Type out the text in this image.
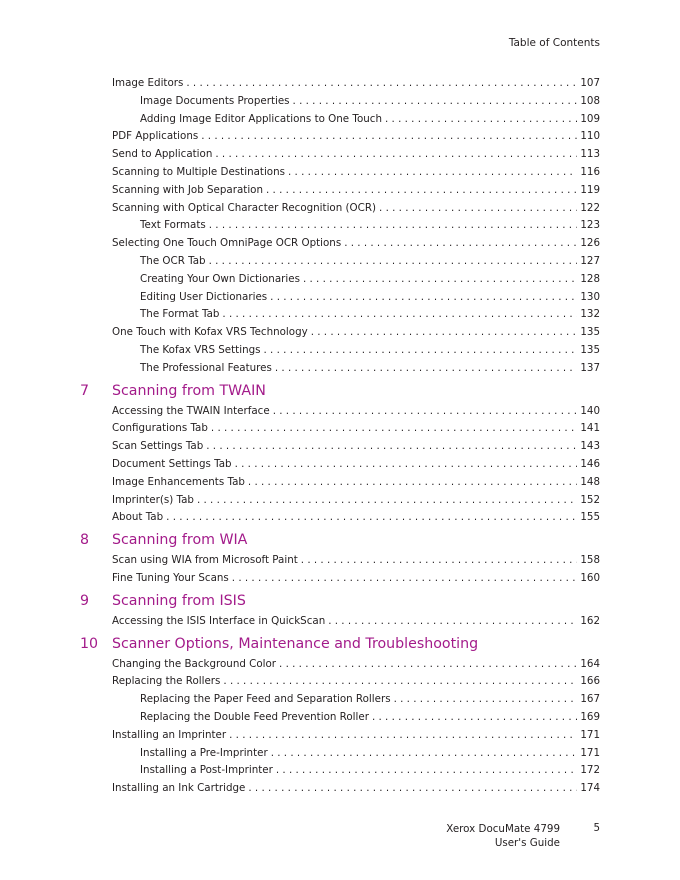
Table of Contents
Image Editors . . .	107
Image Documents Properties . . .	108
Adding Image Editor Applications to One Touch . . .	109
PDF Applications . . .	110
Send to Application . . .	113
Scanning to Multiple Destinations . . .	116
Scanning with Job Separation . . .	119
Scanning with Optical Character Recognition (OCR) . . .	122
Text Formats . . .	123
Selecting One Touch OmniPage OCR Options . . .	126
The OCR Tab . . .	127
Creating Your Own Dictionaries . . .	128
Editing User Dictionaries . . .	130
The Format Tab . . .	132
One Touch with Kofax VRS Technology . . .	135
The Kofax VRS Settings . . .	135
The Professional Features . . .	137
7	Scanning from TWAIN
Accessing the TWAIN Interface . . .	140
Configurations Tab . . .	141
Scan Settings Tab . . .	143
Document Settings Tab . . .	146
Image Enhancements Tab . . .	148
Imprinter(s) Tab . . .	152
About Tab . . .	155
8	Scanning from WIA
Scan using WIA from Microsoft Paint . . .	158
Fine Tuning Your Scans . . .	160
9	Scanning from ISIS
Accessing the ISIS Interface in QuickScan . . .	162
10 Scanner Options, Maintenance and Troubleshooting
Changing the Background Color . . .	164
Replacing the Rollers . . .	166
Replacing the Paper Feed and Separation Rollers . . .	167
Replacing the Double Feed Prevention Roller . . .	169
Installing an Imprinter . . .	171
Installing a Pre-Imprinter . . .	171
Installing a Post-Imprinter . . .	172
Installing an Ink Cartridge . . .	174
Xerox DocuMate 4799
User's Guide
5
